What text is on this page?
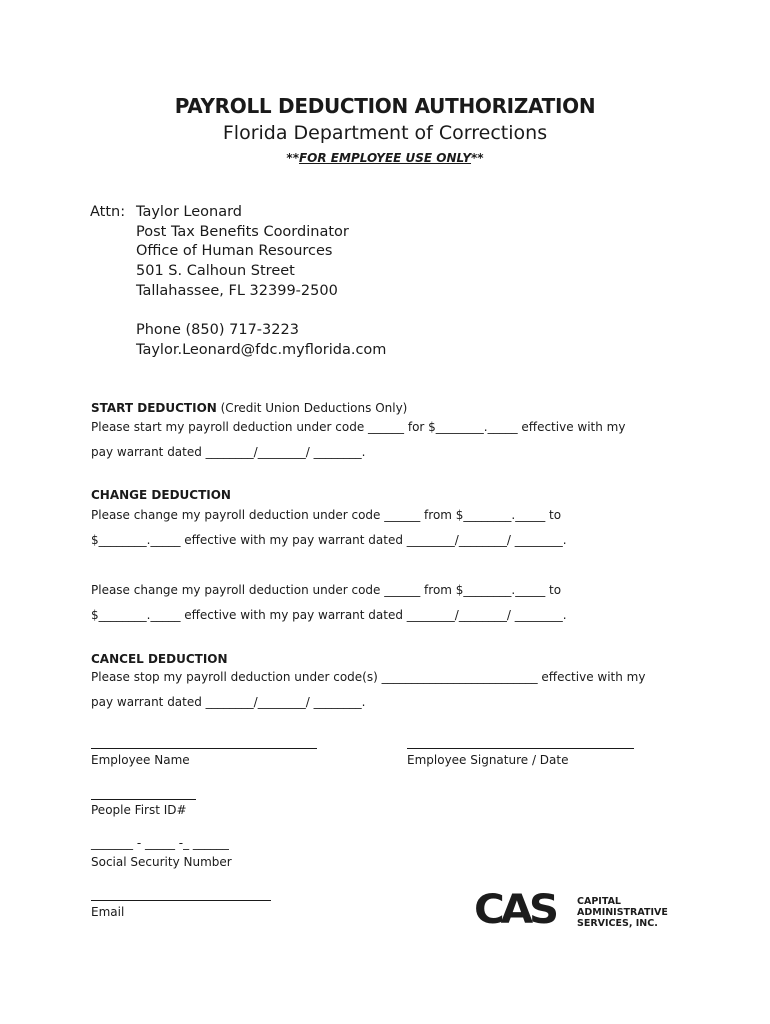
PAYROLL DEDUCTION AUTHORIZATION
Florida Department of Corrections
**FOR EMPLOYEE USE ONLY**
Attn: Taylor Leonard
Post Tax Benefits Coordinator
Office of Human Resources
501 S. Calhoun Street
Tallahassee, FL 32399-2500
Phone (850) 717-3223
Taylor.Leonard@fdc.myflorida.com
START DEDUCTION (Credit Union Deductions Only)
Please start my payroll deduction under code ______ for $________._____ effective with my
pay warrant dated ________/________/ ________.
CHANGE DEDUCTION
Please change my payroll deduction under code ______ from $________._____ to
$________._____ effective with my pay warrant dated ________/________/ ________.
Please change my payroll deduction under code ______ from $________._____ to
$________._____ effective with my pay warrant dated ________/________/ ________.
CANCEL DEDUCTION
Please stop my payroll deduction under code(s) __________________________ effective with my
pay warrant dated ________/________/ ________.
Employee Name	Employee Signature / Date
People First ID#
_______ - _____ -_ ______
Social Security Number
Email	CAS CAPITAL
ADMINISTRATIVE
SERVICES, INC.
